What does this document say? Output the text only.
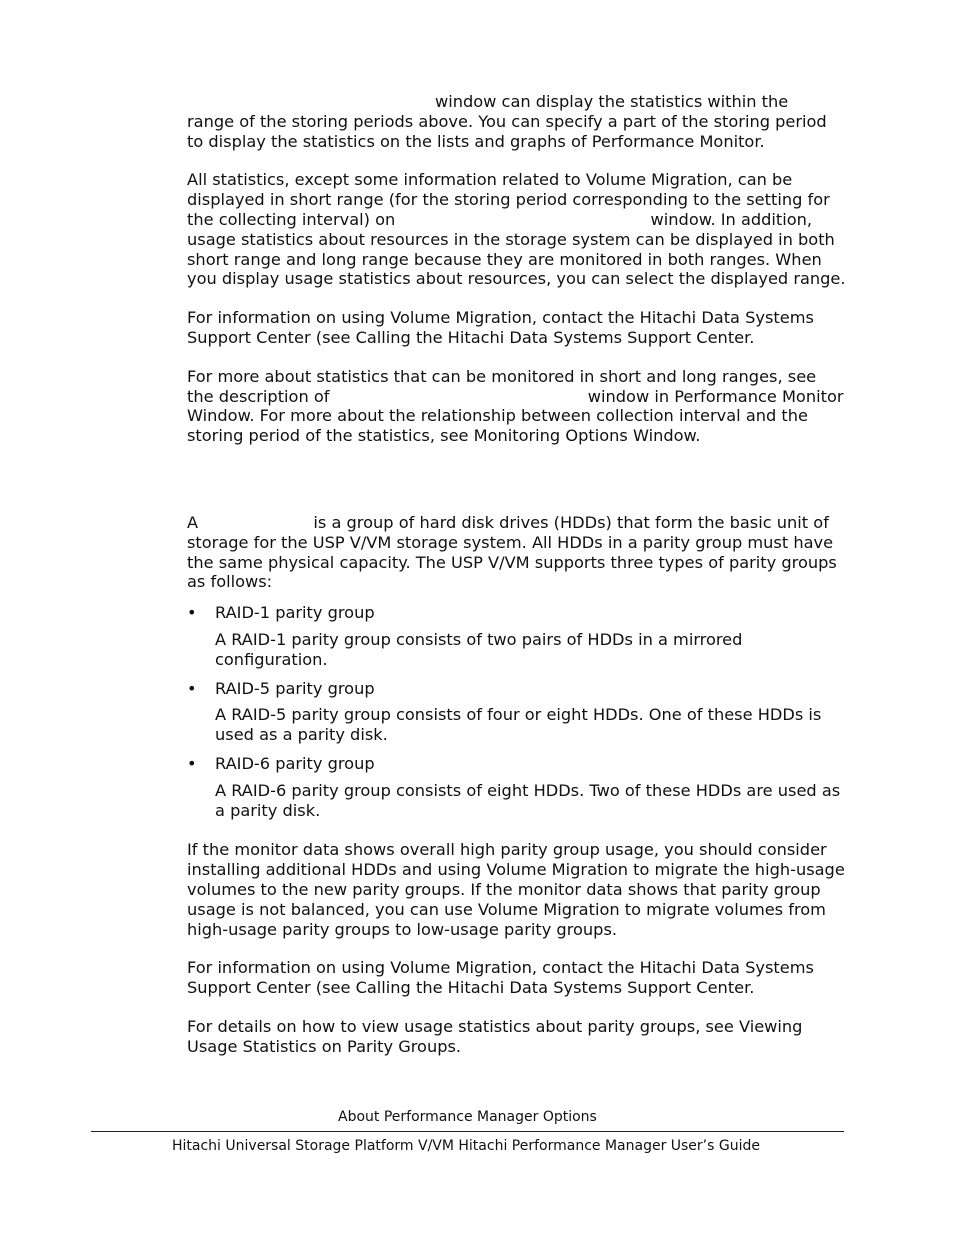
window can display the statistics within the
range of the storing periods above. You can specify a part of the storing period to display the statistics on the lists and graphs of Performance Monitor.

All statistics, except some information related to Volume Migration, can be displayed in short range (for the storing period corresponding to the setting for the collecting interval) on	window. In addition, usage statistics about resources in the storage system can be displayed in both short range and long range because they are monitored in both ranges. When you display usage statistics about resources, you can select the displayed range.

For information on using Volume Migration, contact the Hitachi Data Systems Support Center (see Calling the Hitachi Data Systems Support Center.

For more about statistics that can be monitored in short and long ranges, see the description of	window in Performance Monitor Window. For more about the relationship between collection interval and the storing period of the statistics, see Monitoring Options Window.

A	is a group of hard disk drives (HDDs) that form the basic unit of storage for the USP V/VM storage system. All HDDs in a parity group must have the same physical capacity. The USP V/VM supports three types of parity groups as follows:

• RAID-1 parity group
A RAID-1 parity group consists of two pairs of HDDs in a mirrored configuration.
• RAID-5 parity group
A RAID-5 parity group consists of four or eight HDDs. One of these HDDs is used as a parity disk.
• RAID-6 parity group
A RAID-6 parity group consists of eight HDDs. Two of these HDDs are used as a parity disk.

If the monitor data shows overall high parity group usage, you should consider installing additional HDDs and using Volume Migration to migrate the high-usage volumes to the new parity groups. If the monitor data shows that parity group usage is not balanced, you can use Volume Migration to migrate volumes from high-usage parity groups to low-usage parity groups.

For information on using Volume Migration, contact the Hitachi Data Systems Support Center (see Calling the Hitachi Data Systems Support Center.

For details on how to view usage statistics about parity groups, see Viewing Usage Statistics on Parity Groups.

About Performance Manager Options
Hitachi Universal Storage Platform V/VM Hitachi Performance Manager User’s Guide
